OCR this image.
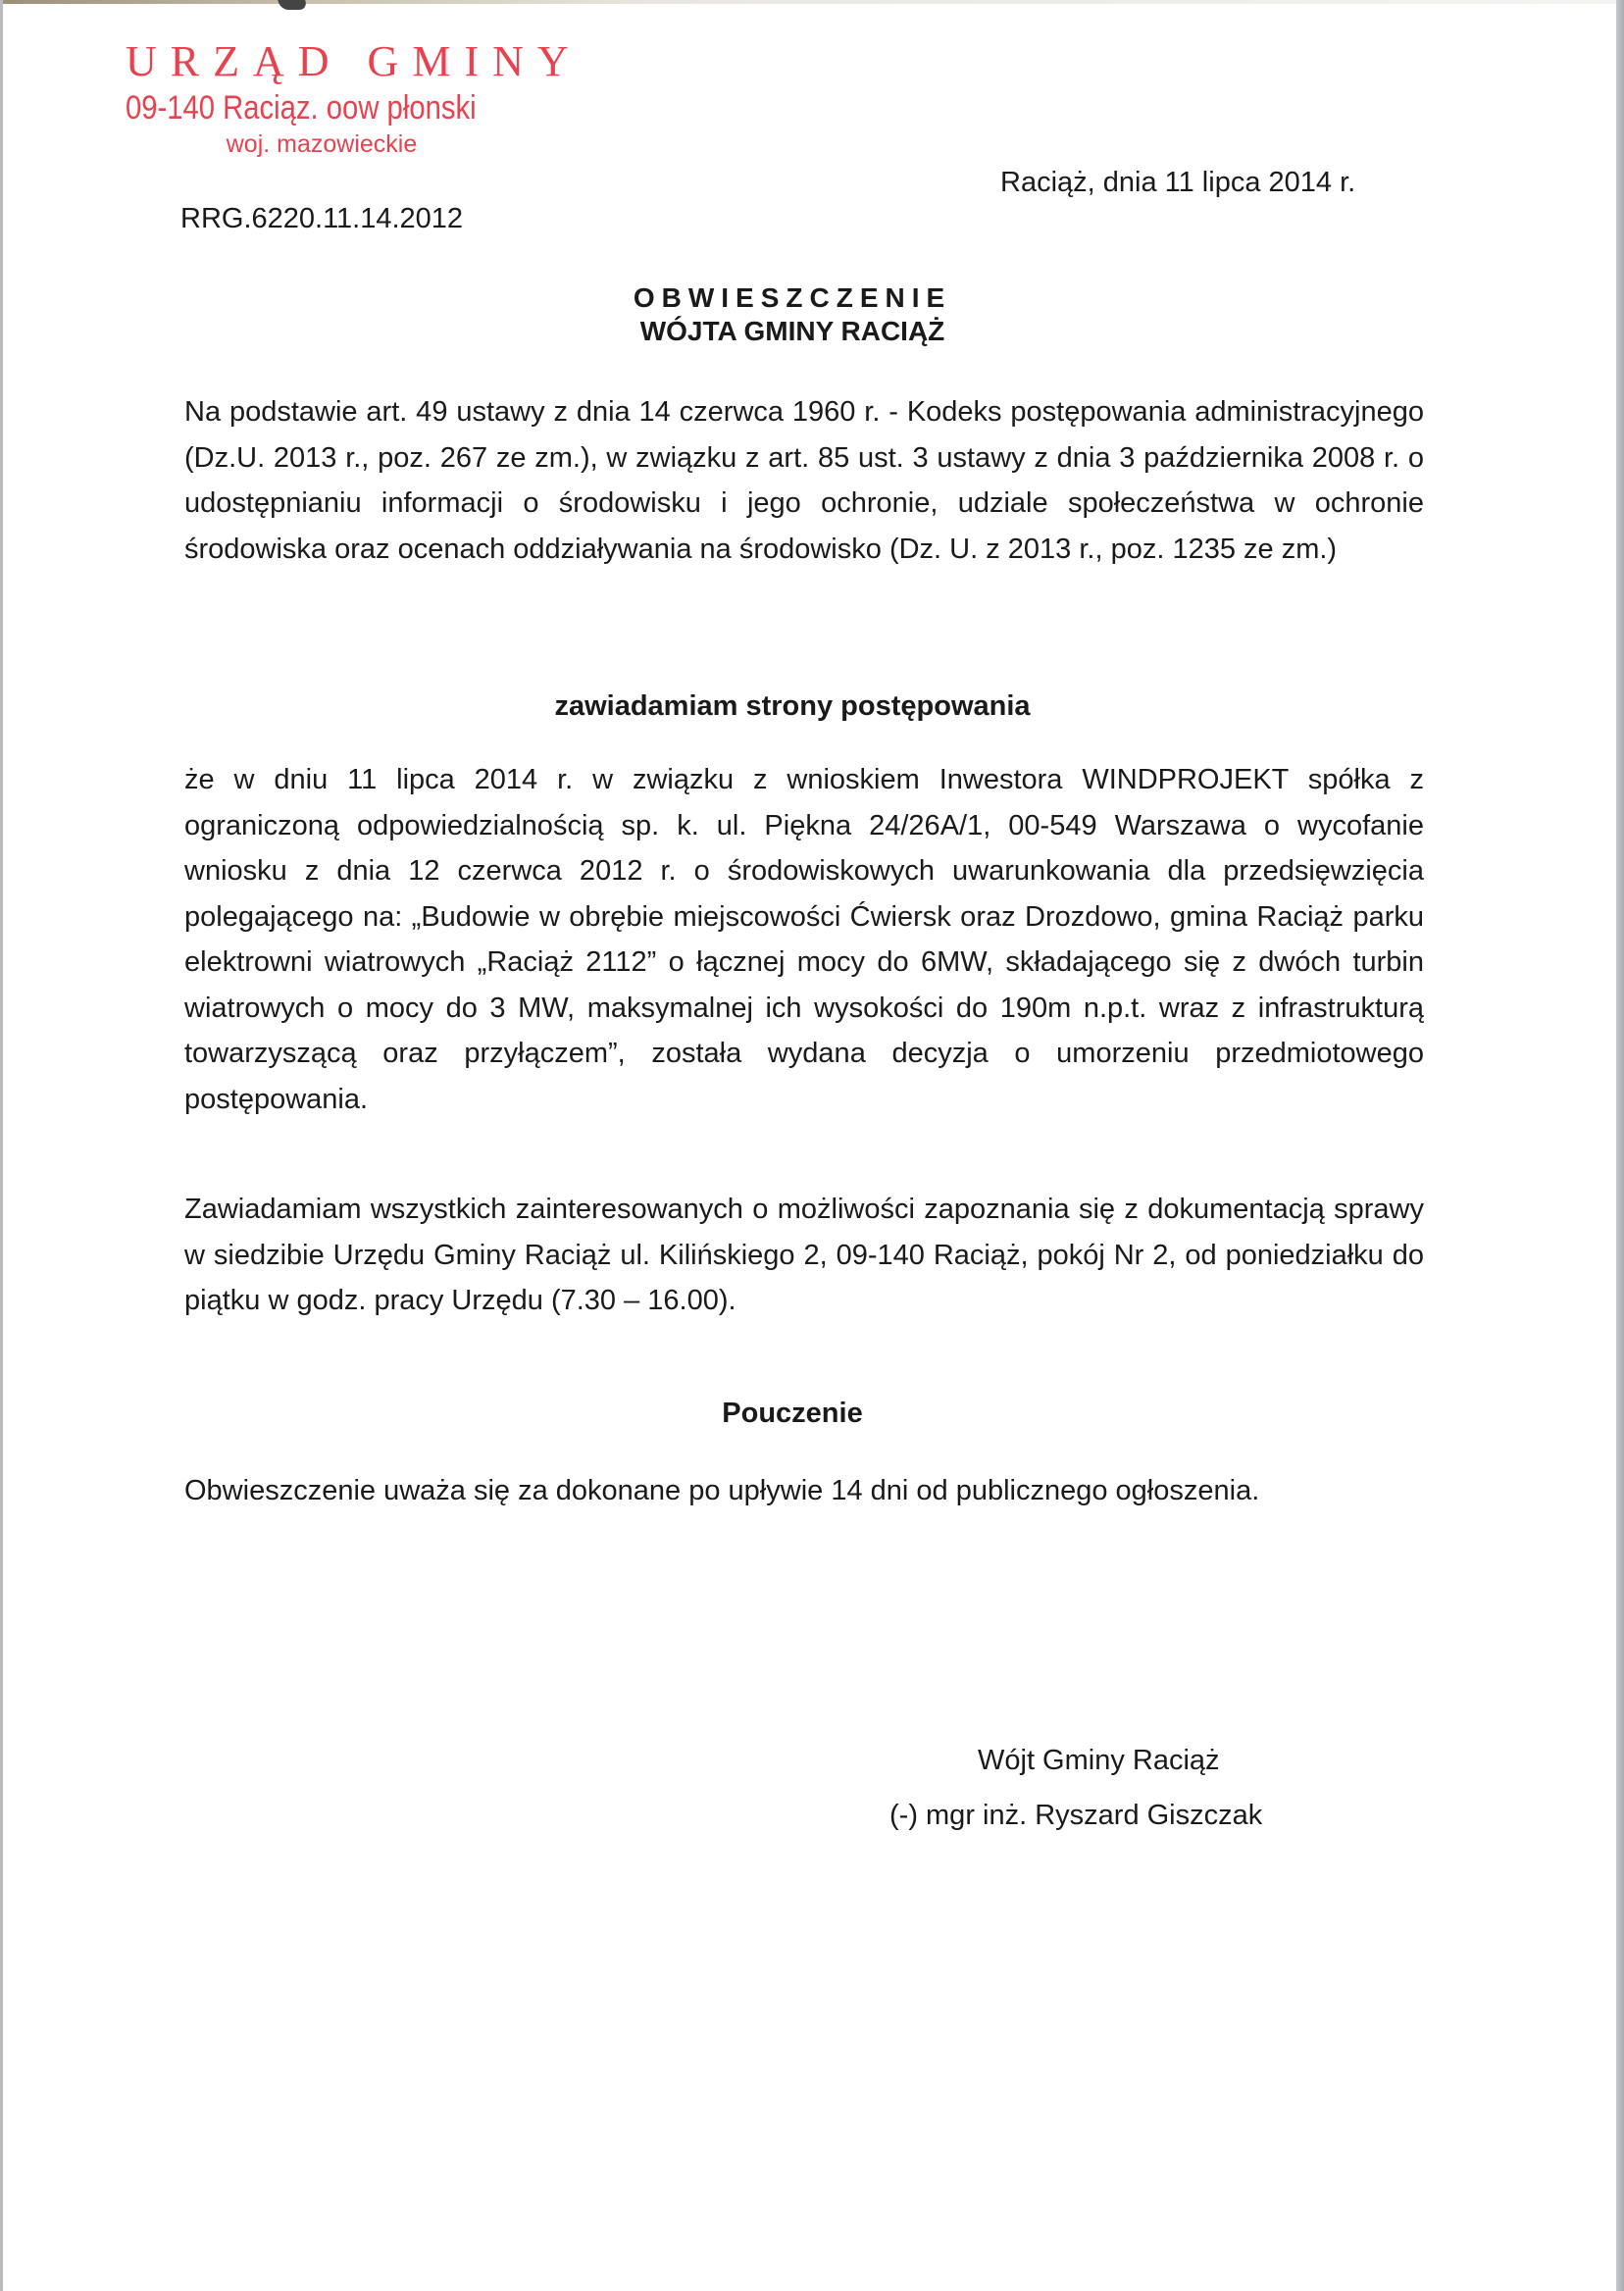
URZĄD GMINY
09-140 Raciąz. oow płonski
woj. mazowieckie
Raciąż, dnia 11 lipca 2014 r.
RRG.6220.11.14.2012
OBWIESZCZENIE
WÓJTA GMINY RACIĄŻ
Na podstawie art. 49 ustawy z dnia 14 czerwca 1960 r. - Kodeks postępowania administracyjnego (Dz.U. 2013 r., poz. 267 ze zm.), w związku z art. 85 ust. 3 ustawy z dnia 3 października 2008 r. o udostępnianiu informacji o środowisku i jego ochronie, udziale społeczeństwa w ochronie środowiska oraz ocenach oddziaływania na środowisko (Dz. U. z 2013 r., poz. 1235 ze zm.)
zawiadamiam strony postępowania
że w dniu 11 lipca 2014 r. w związku z wnioskiem Inwestora WINDPROJEKT spółka z ograniczoną odpowiedzialnością sp. k. ul. Piękna 24/26A/1, 00-549 Warszawa o wycofanie wniosku z dnia 12 czerwca 2012 r. o środowiskowych uwarunkowania dla przedsięwzięcia polegającego na: „Budowie w obrębie miejscowości Ćwiersk oraz Drozdowo, gmina Raciąż parku elektrowni wiatrowych „Raciąż 2112” o łącznej mocy do 6MW, składającego się z dwóch turbin wiatrowych o mocy do 3 MW, maksymalnej ich wysokości do 190m n.p.t. wraz z infrastrukturą towarzyszącą oraz przyłączem”, została wydana decyzja o umorzeniu przedmiotowego postępowania.
Zawiadamiam wszystkich zainteresowanych o możliwości zapoznania się z dokumentacją sprawy w siedzibie Urzędu Gminy Raciąż ul. Kilińskiego 2, 09-140 Raciąż, pokój Nr 2, od poniedziałku do piątku w godz. pracy Urzędu (7.30 – 16.00).
Pouczenie
Obwieszczenie uważa się za dokonane po upływie 14 dni od publicznego ogłoszenia.
Wójt Gminy Raciąż
(-) mgr inż. Ryszard Giszczak
